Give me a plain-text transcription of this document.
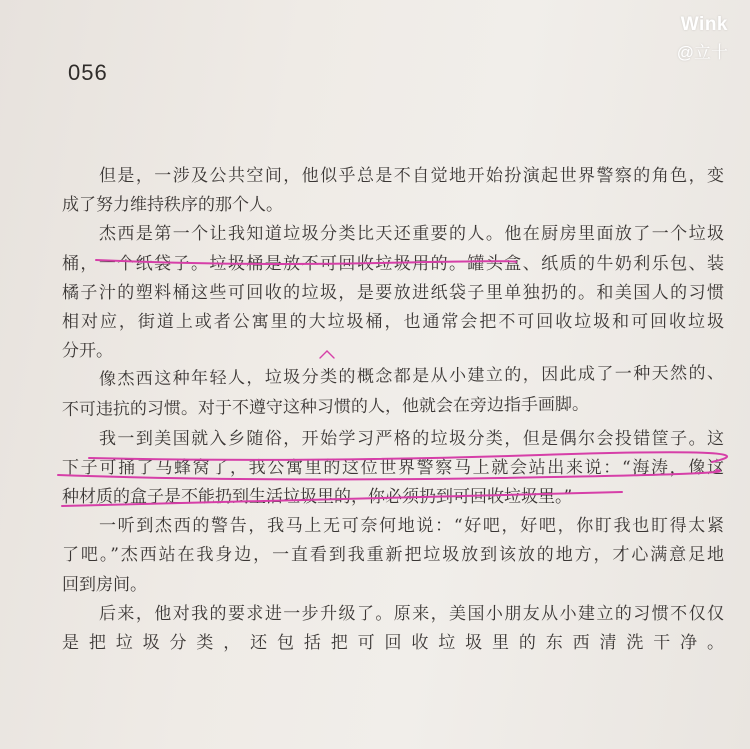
056
Wink
@立十
但是，一涉及公共空间，他似乎总是不自觉地开始扮演起世界警察的角色，变
成了努力维持秩序的那个人。
杰西是第一个让我知道垃圾分类比天还重要的人。他在厨房里面放了一个垃圾
桶，一个纸袋子。垃圾桶是放不可回收垃圾用的。罐头盒、纸质的牛奶利乐包、装
橘子汁的塑料桶这些可回收的垃圾，是要放进纸袋子里单独扔的。和美国人的习惯
相对应，街道上或者公寓里的大垃圾桶，也通常会把不可回收垃圾和可回收垃圾
分开。
像杰西这种年轻人，垃圾分类的概念都是从小建立的，因此成了一种天然的、
不可违抗的习惯。对于不遵守这种习惯的人，他就会在旁边指手画脚。
我一到美国就入乡随俗，开始学习严格的垃圾分类，但是偶尔会投错筐子。这
下子可捅了马蜂窝了，我公寓里的这位世界警察马上就会站出来说：“海涛，像这
种材质的盒子是不能扔到生活垃圾里的，你必须扔到可回收垃圾里。”
一听到杰西的警告，我马上无可奈何地说：“好吧，好吧，你盯我也盯得太紧
了吧。”杰西站在我身边，一直看到我重新把垃圾放到该放的地方，才心满意足地
回到房间。
后来，他对我的要求进一步升级了。原来，美国小朋友从小建立的习惯不仅仅
是把垃圾分类，还包括把可回收垃圾里的东西清洗干净。
